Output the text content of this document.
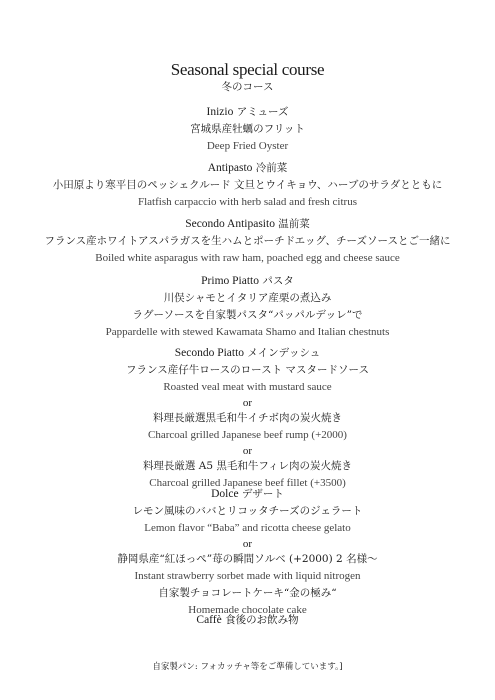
Seasonal special course
冬のコース
Inizio アミューズ
宮城県産牡蠣のフリット
Deep Fried Oyster
Antipasto 冷前菜
小田原より寒平目のペッシェクルード 文旦とウイキョウ、ハーブのサラダとともに
Flatfish carpaccio with herb salad and fresh citrus
Secondo Antipasito 温前菜
フランス産ホワイトアスパラガスを生ハムとポーチドエッグ、チーズソースとご一緒に
Boiled white asparagus with raw ham, poached egg and cheese sauce
Primo Piatto パスタ
川俣シャモとイタリア産栗の煮込み
ラグーソースを自家製パスタ“パッパルデッレ”で
Pappardelle with stewed Kawamata Shamo and Italian chestnuts
Secondo Piatto メインデッシュ
フランス産仔牛ロースのロースト マスタードソース
Roasted veal meat with mustard sauce
or
料理長厳選黒毛和牛イチボ肉の炭火焼き
Charcoal grilled Japanese beef rump (+2000)
or
料理長厳選 A5 黒毛和牛フィレ肉の炭火焼き
Charcoal grilled Japanese beef fillet (+3500)
Dolce デザート
レモン風味のババとリコッタチーズのジェラート
Lemon flavor “Baba” and ricotta cheese gelato
or
静岡県産“紅ほっぺ”苺の瞬間ソルベ (+2000) 2 名様〜
Instant strawberry sorbet made with liquid nitrogen
自家製チョコレートケーキ“金の極み“
Homemade chocolate cake
Caffè 食後のお飲み物
自家製パン: フォカッチャ等をご準備しています。]
